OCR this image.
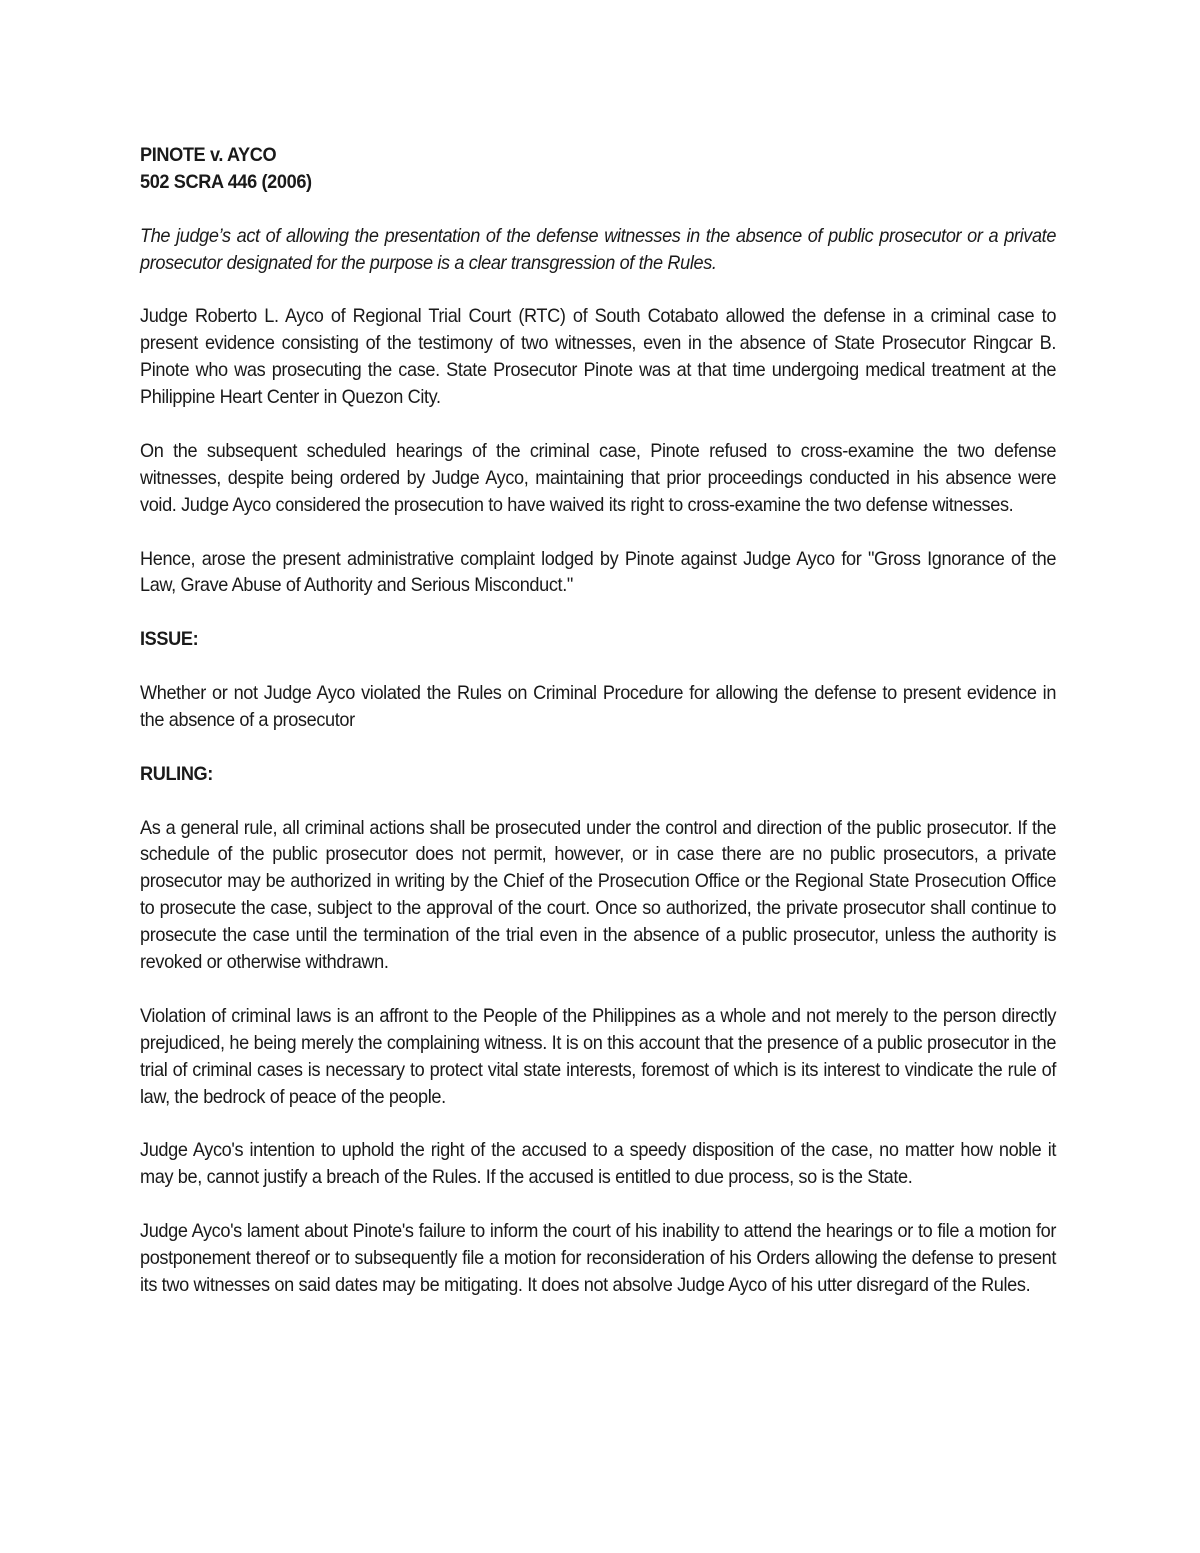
PINOTE v. AYCO

502 SCRA 446 (2006)

The judge’s act of allowing the presentation of the defense witnesses in the absence of public prosecutor or a private prosecutor designated for the purpose is a clear transgression of the Rules.

Judge Roberto L. Ayco of Regional Trial Court (RTC) of South Cotabato allowed the defense in a criminal case to present evidence consisting of the testimony of two witnesses, even in the absence of State Prosecutor Ringcar B. Pinote who was prosecuting the case. State Prosecutor Pinote was at that time undergoing medical treatment at the Philippine Heart Center in Quezon City.

On the subsequent scheduled hearings of the criminal case, Pinote refused to cross-examine the two defense witnesses, despite being ordered by Judge Ayco, maintaining that prior proceedings conducted in his absence were void. Judge Ayco considered the prosecution to have waived its right to cross-examine the two defense witnesses.

Hence, arose the present administrative complaint lodged by Pinote against Judge Ayco for "Gross Ignorance of the Law, Grave Abuse of Authority and Serious Misconduct."

ISSUE:

Whether or not Judge Ayco violated the Rules on Criminal Procedure for allowing the defense to present evidence in the absence of a prosecutor

RULING:

As a general rule, all criminal actions shall be prosecuted under the control and direction of the public prosecutor. If the schedule of the public prosecutor does not permit, however, or in case there are no public prosecutors, a private prosecutor may be authorized in writing by the Chief of the Prosecution Office or the Regional State Prosecution Office to prosecute the case, subject to the approval of the court. Once so authorized, the private prosecutor shall continue to prosecute the case until the termination of the trial even in the absence of a public prosecutor, unless the authority is revoked or otherwise withdrawn.

Violation of criminal laws is an affront to the People of the Philippines as a whole and not merely to the person directly prejudiced, he being merely the complaining witness. It is on this account that the presence of a public prosecutor in the trial of criminal cases is necessary to protect vital state interests, foremost of which is its interest to vindicate the rule of law, the bedrock of peace of the people.

Judge Ayco's intention to uphold the right of the accused to a speedy disposition of the case, no matter how noble it may be, cannot justify a breach of the Rules. If the accused is entitled to due process, so is the State.

Judge Ayco's lament about Pinote's failure to inform the court of his inability to attend the hearings or to file a motion for postponement thereof or to subsequently file a motion for reconsideration of his Orders allowing the defense to present its two witnesses on said dates may be mitigating. It does not absolve Judge Ayco of his utter disregard of the Rules.
